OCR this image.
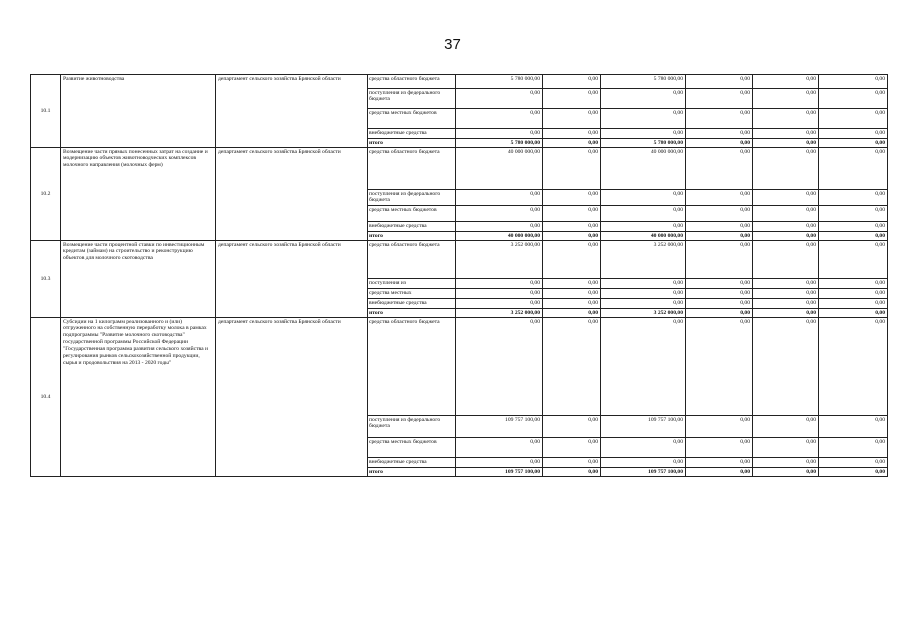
37
10.1	Развитие животноводства	департамент сельского хозяйства Брянской области	средства областного бюджета	5 780 000,00	0,00	5 780 000,00	0,00	0,00	0,00
			поступления из федерального бюджета	0,00	0,00	0,00	0,00	0,00	0,00
			средства местных бюджетов	0,00	0,00	0,00	0,00	0,00	0,00
			внебюджетные средства	0,00	0,00	0,00	0,00	0,00	0,00
			итого	5 780 000,00	0,00	5 780 000,00	0,00	0,00	0,00
10.2	Возмещение части прямых понесенных затрат на создание и модернизацию объектов животноводческих комплексов молочного направления (молочных ферм)	департамент сельского хозяйства Брянской области	средства областного бюджета	40 000 000,00	0,00	40 000 000,00	0,00	0,00	0,00
			поступления из федерального бюджета	0,00	0,00	0,00	0,00	0,00	0,00
			средства местных бюджетов	0,00	0,00	0,00	0,00	0,00	0,00
			внебюджетные средства	0,00	0,00	0,00	0,00	0,00	0,00
			итого	40 000 000,00	0,00	40 000 000,00	0,00	0,00	0,00
10.3	Возмещение части процентной ставки по инвестиционным кредитам (займам) на строительство и реконструкцию объектов для молочного скотоводства	департамент сельского хозяйства Брянской области	средства областного бюджета	3 252 000,00	0,00	3 252 000,00	0,00	0,00	0,00
			поступления из	0,00	0,00	0,00	0,00	0,00	0,00
			средства местных	0,00	0,00	0,00	0,00	0,00	0,00
			внебюджетные средства	0,00	0,00	0,00	0,00	0,00	0,00
			итого	3 252 000,00	0,00	3 252 000,00	0,00	0,00	0,00
10.4	Субсидии на 1 килограмм реализованного и (или) отгруженного на собственную переработку молока в рамках подпрограммы "Развитие молочного скотоводства" государственной программы Российской Федерации "Государственная программа развития сельского хозяйства и регулирования рынков сельскохозяйственной продукции, сырья и продовольствия на 2013 - 2020 годы"	департамент сельского хозяйства Брянской области	средства областного бюджета	0,00	0,00	0,00	0,00	0,00	0,00
			поступления из федерального бюджета	109 757 100,00	0,00	109 757 100,00	0,00	0,00	0,00
			средства местных бюджетов	0,00	0,00	0,00	0,00	0,00	0,00
			внебюджетные средства	0,00	0,00	0,00	0,00	0,00	0,00
			итого	109 757 100,00	0,00	109 757 100,00	0,00	0,00	0,00
